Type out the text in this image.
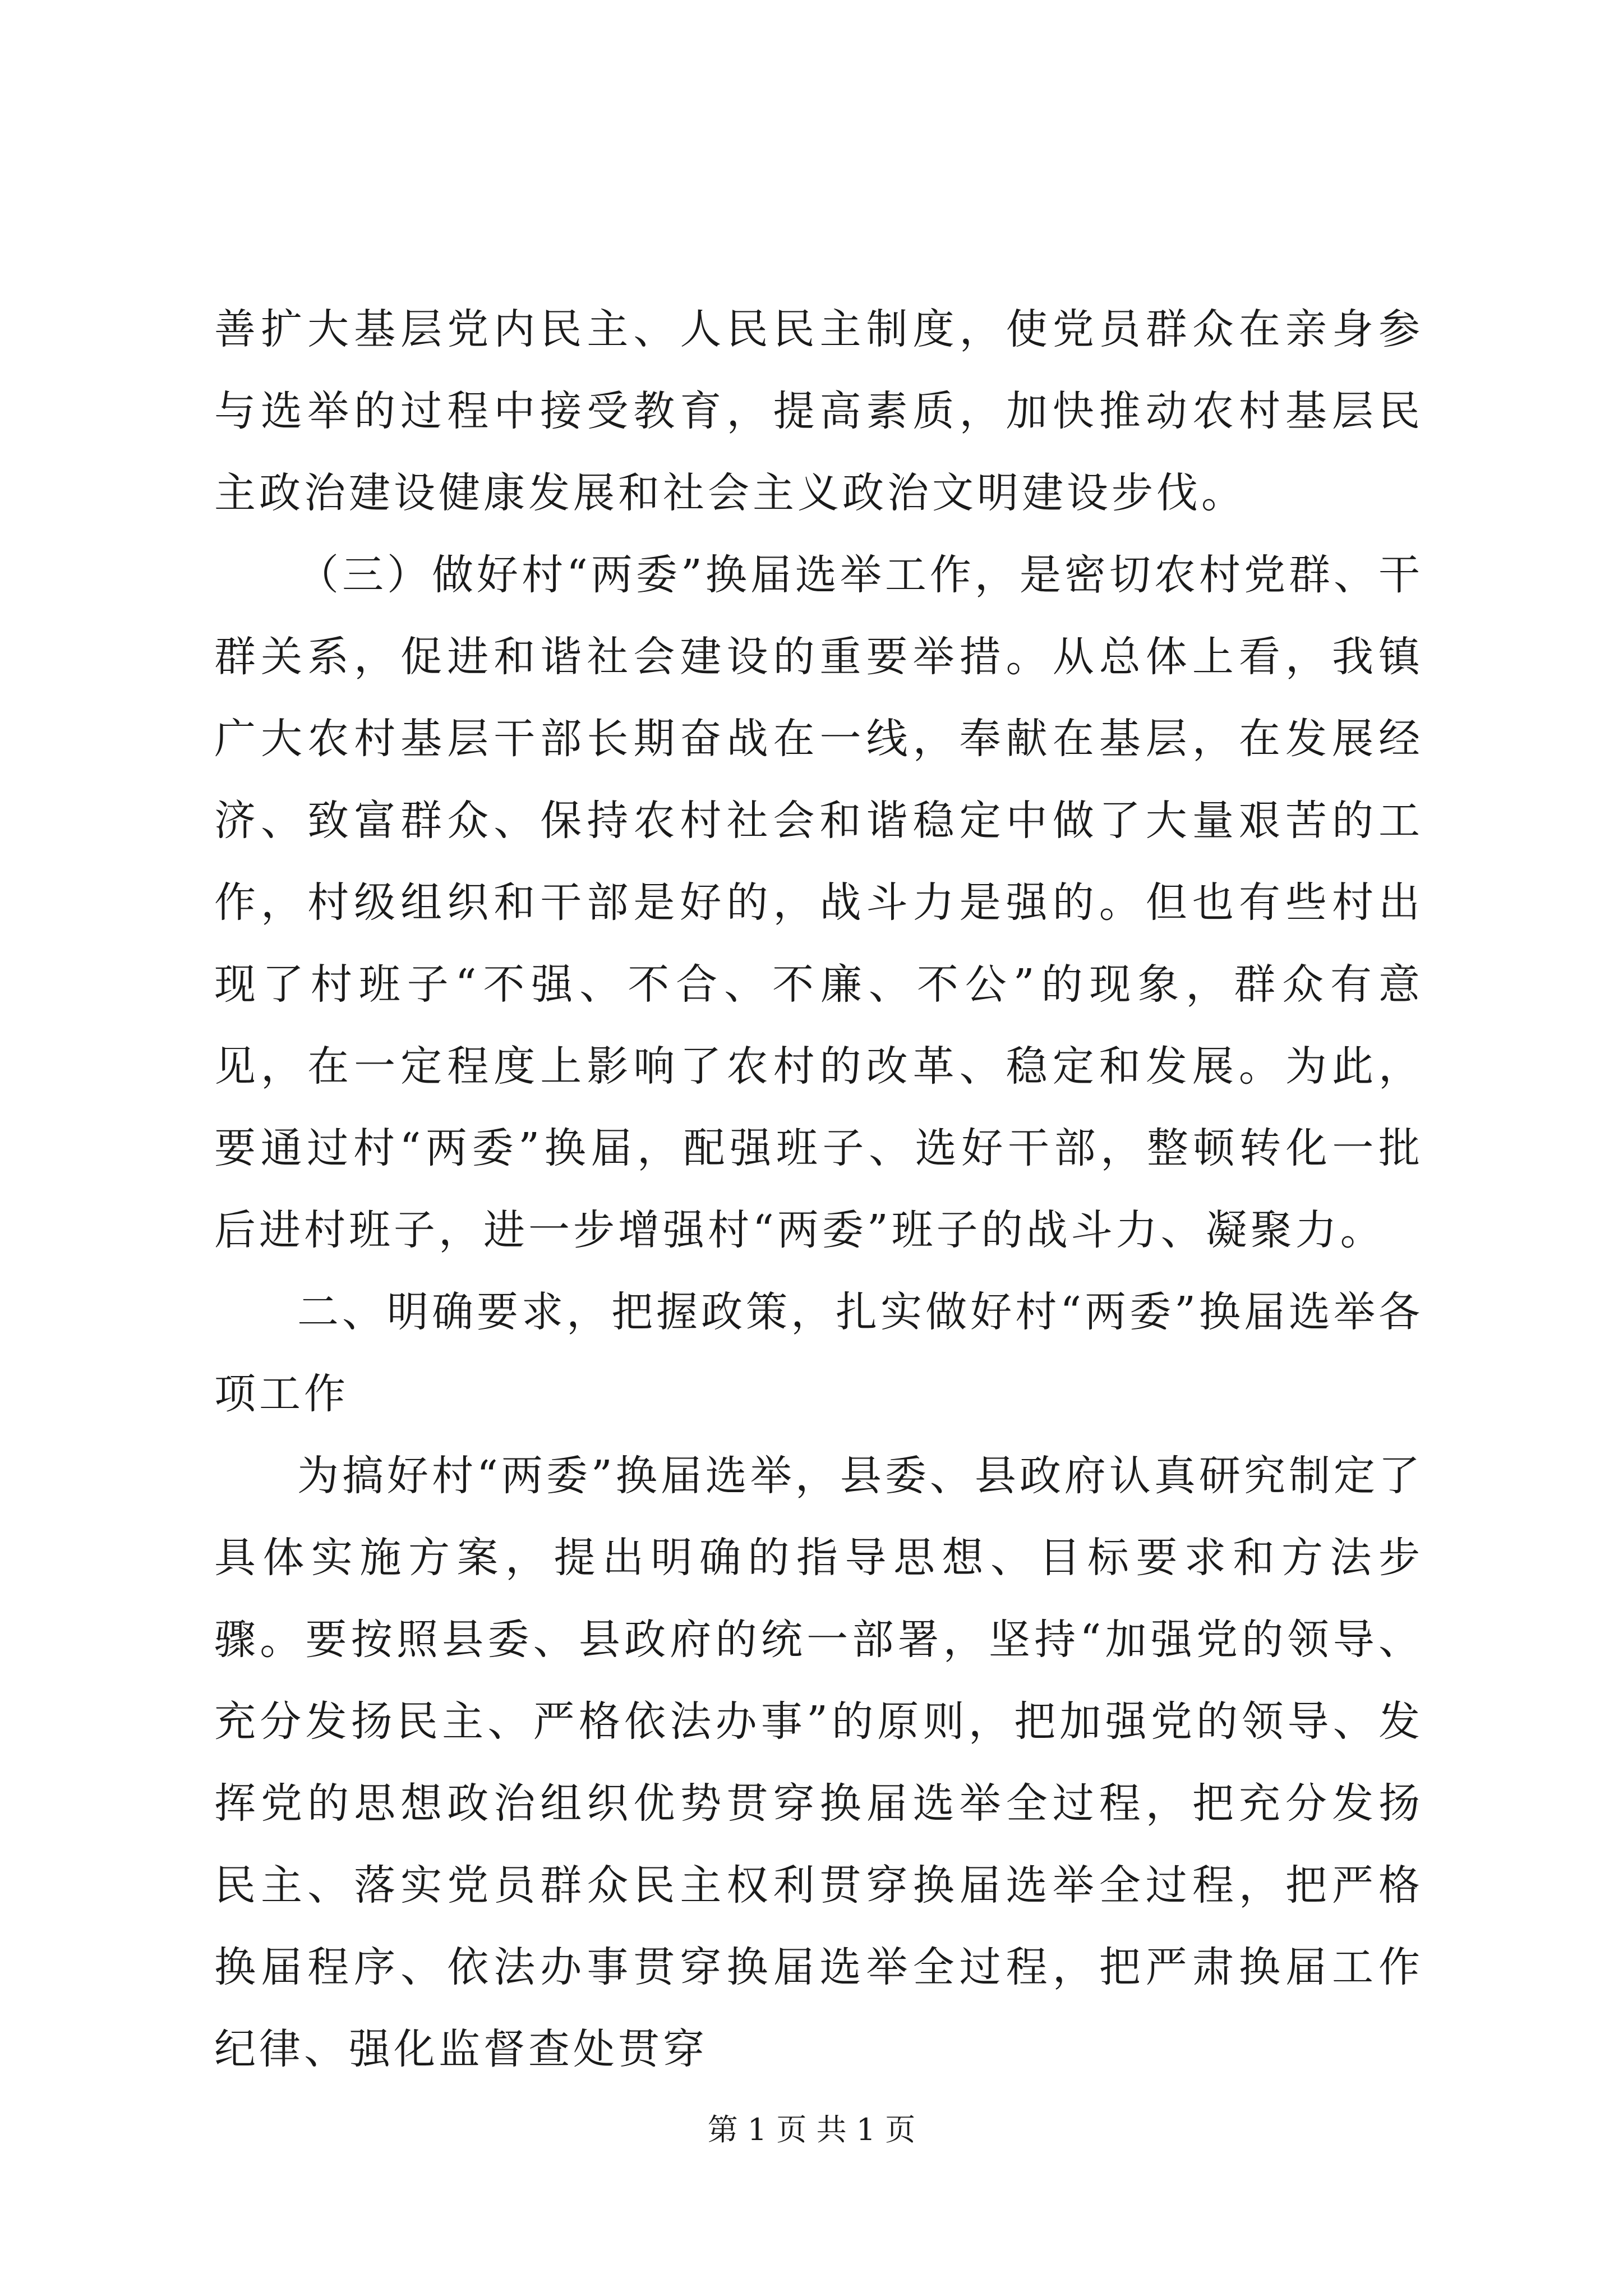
善扩大基层党内民主、人民民主制度，使党员群众在亲身参与选举的过程中接受教育，提高素质，加快推动农村基层民主政治建设健康发展和社会主义政治文明建设步伐。

（三）做好村“两委”换届选举工作，是密切农村党群、干群关系，促进和谐社会建设的重要举措。从总体上看，我镇广大农村基层干部长期奋战在一线，奉献在基层，在发展经济、致富群众、保持农村社会和谐稳定中做了大量艰苦的工作，村级组织和干部是好的，战斗力是强的。但也有些村出现了村班子“不强、不合、不廉、不公”的现象，群众有意见，在一定程度上影响了农村的改革、稳定和发展。为此，要通过村“两委”换届，配强班子、选好干部，整顿转化一批后进村班子，进一步增强村“两委”班子的战斗力、凝聚力。

二、明确要求，把握政策，扎实做好村“两委”换届选举各项工作

为搞好村“两委”换届选举，县委、县政府认真研究制定了具体实施方案，提出明确的指导思想、目标要求和方法步骤。要按照县委、县政府的统一部署，坚持“加强党的领导、充分发扬民主、严格依法办事”的原则，把加强党的领导、发挥党的思想政治组织优势贯穿换届选举全过程，把充分发扬民主、落实党员群众民主权利贯穿换届选举全过程，把严格换届程序、依法办事贯穿换届选举全过程，把严肃换届工作纪律、强化监督查处贯穿

第 1 页 共 1 页
